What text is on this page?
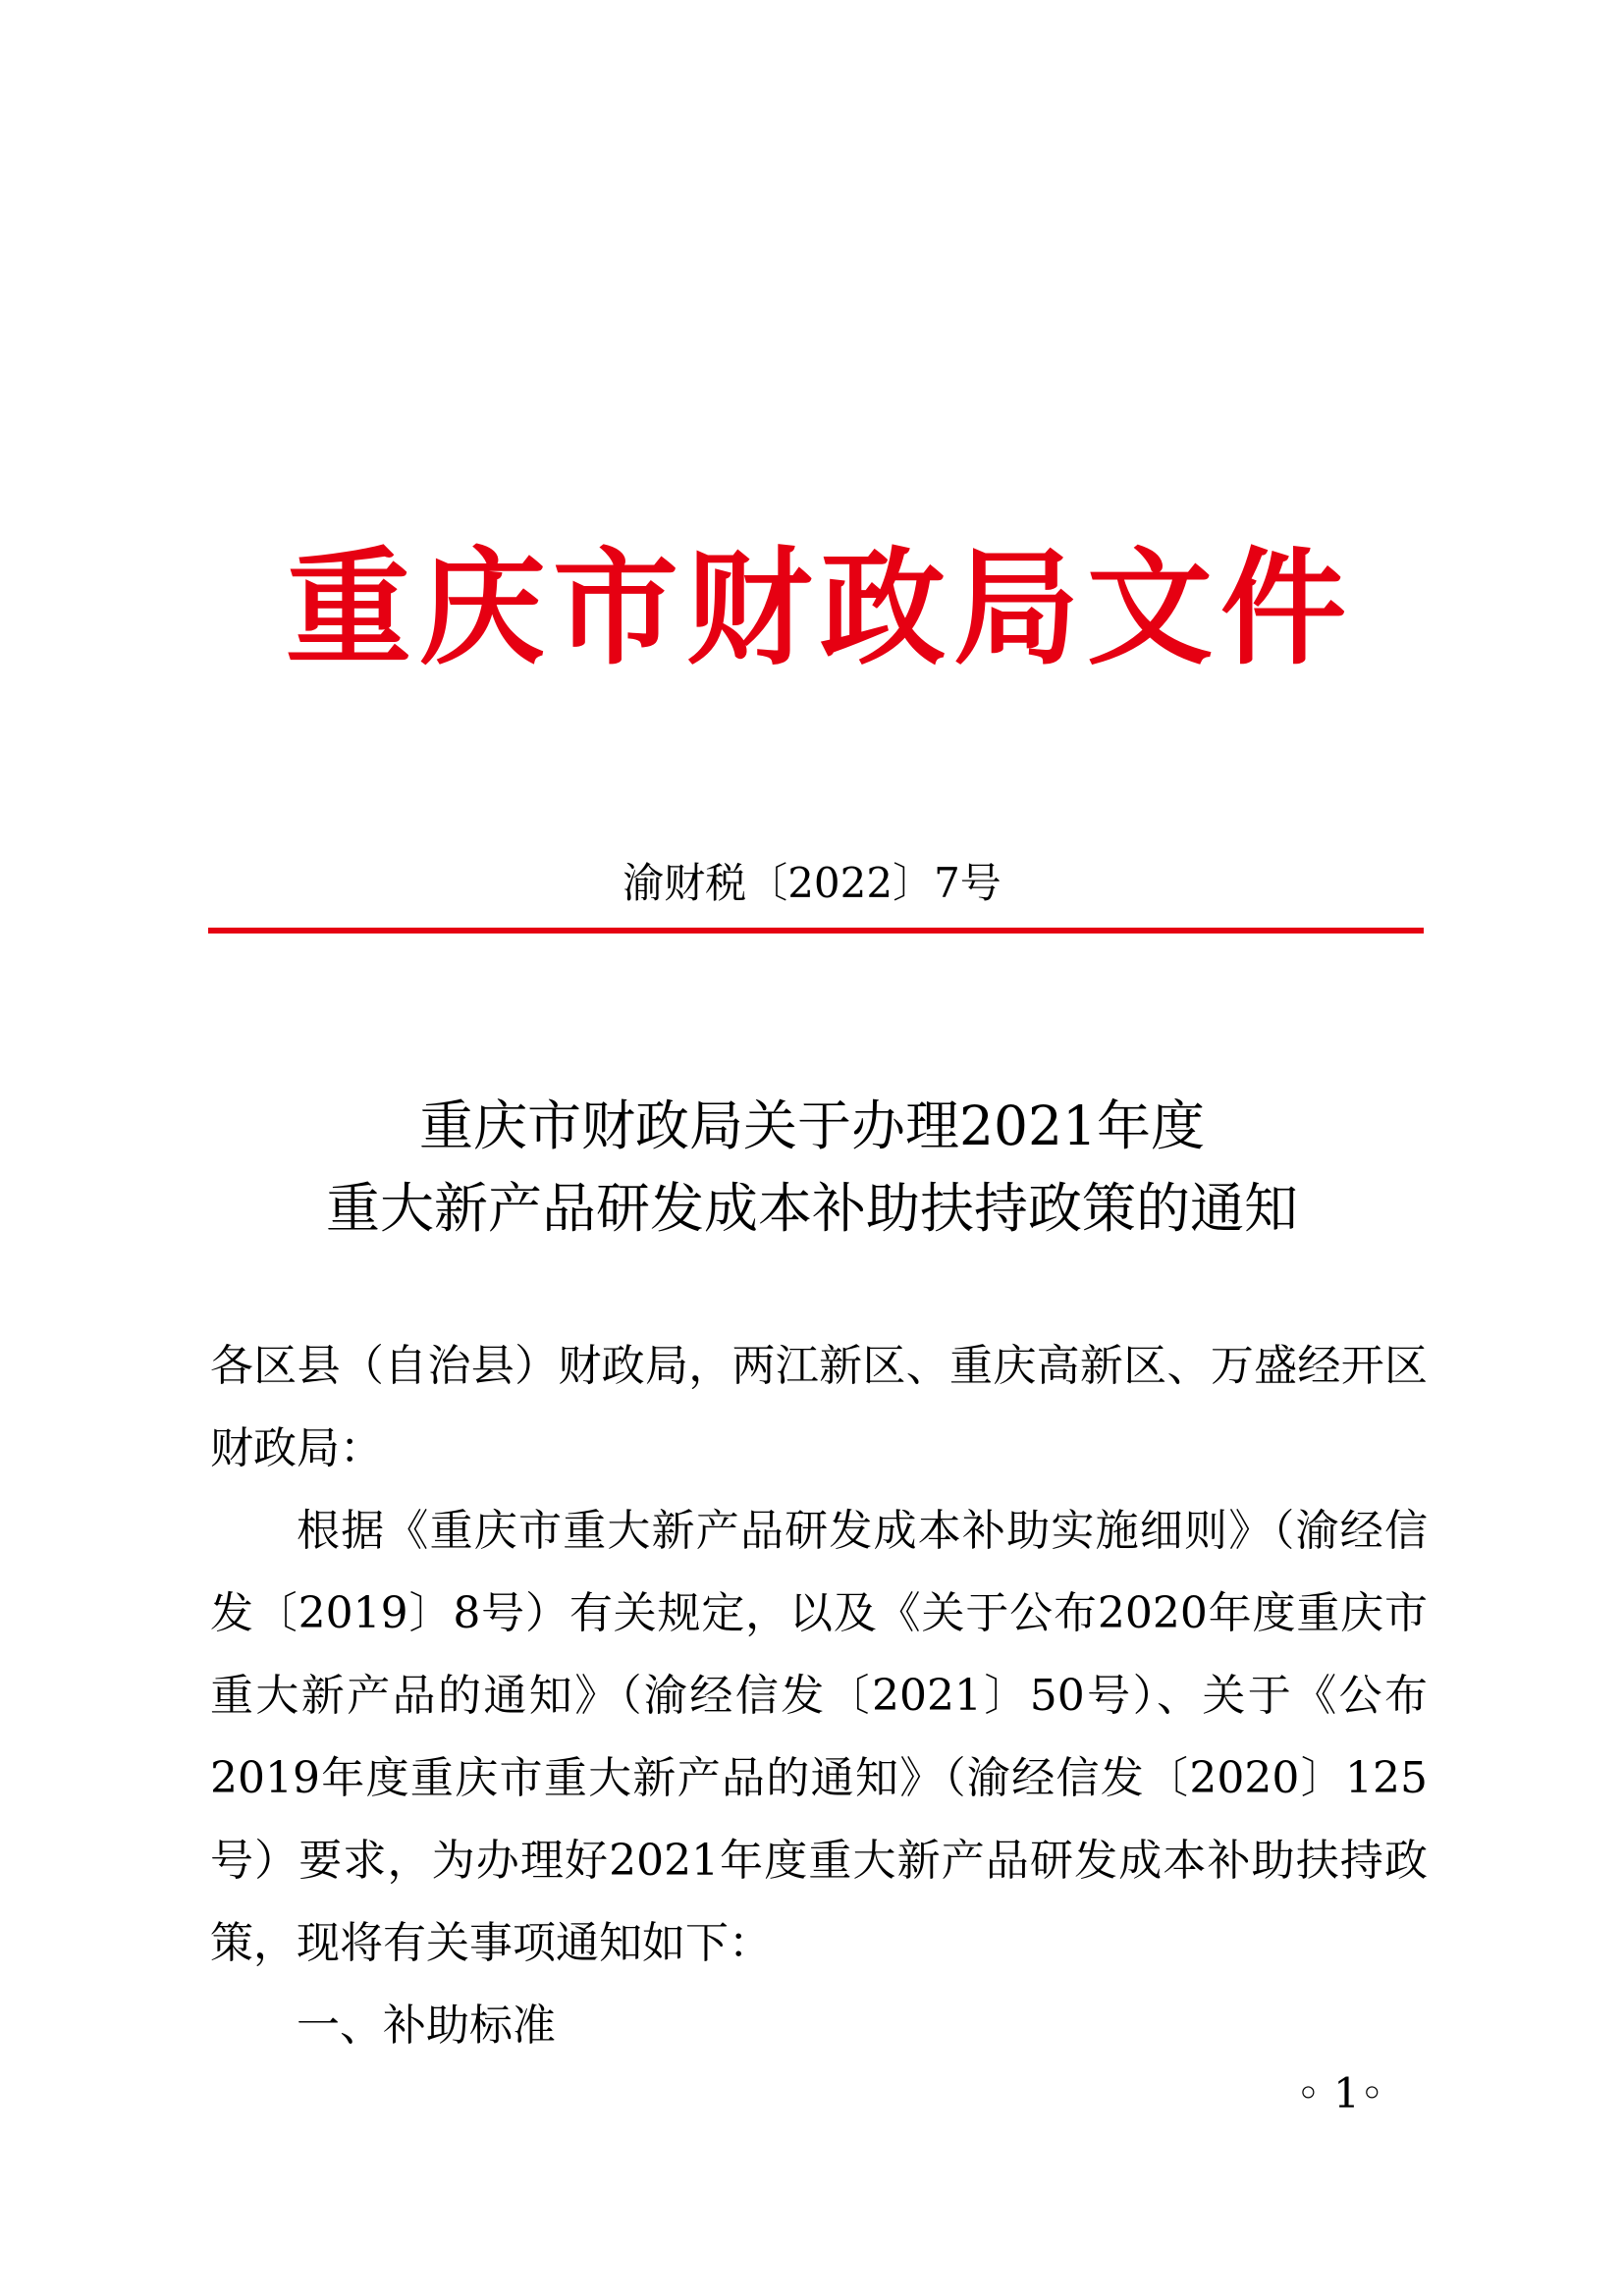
重庆市财政局文件
渝财税〔2022〕7号
重庆市财政局关于办理2021年度
重大新产品研发成本补助扶持政策的通知

各区县（自治县）财政局，两江新区、重庆高新区、万盛经开区财政局：

根据《重庆市重大新产品研发成本补助实施细则》（渝经信发〔2019〕8号）有关规定，以及《关于公布2020年度重庆市重大新产品的通知》（渝经信发〔2021〕50号）、关于《公布2019年度重庆市重大新产品的通知》（渝经信发〔2020〕125号）要求，为办理好2021年度重大新产品研发成本补助扶持政策，现将有关事项通知如下：

一、补助标准

◦ 1◦
